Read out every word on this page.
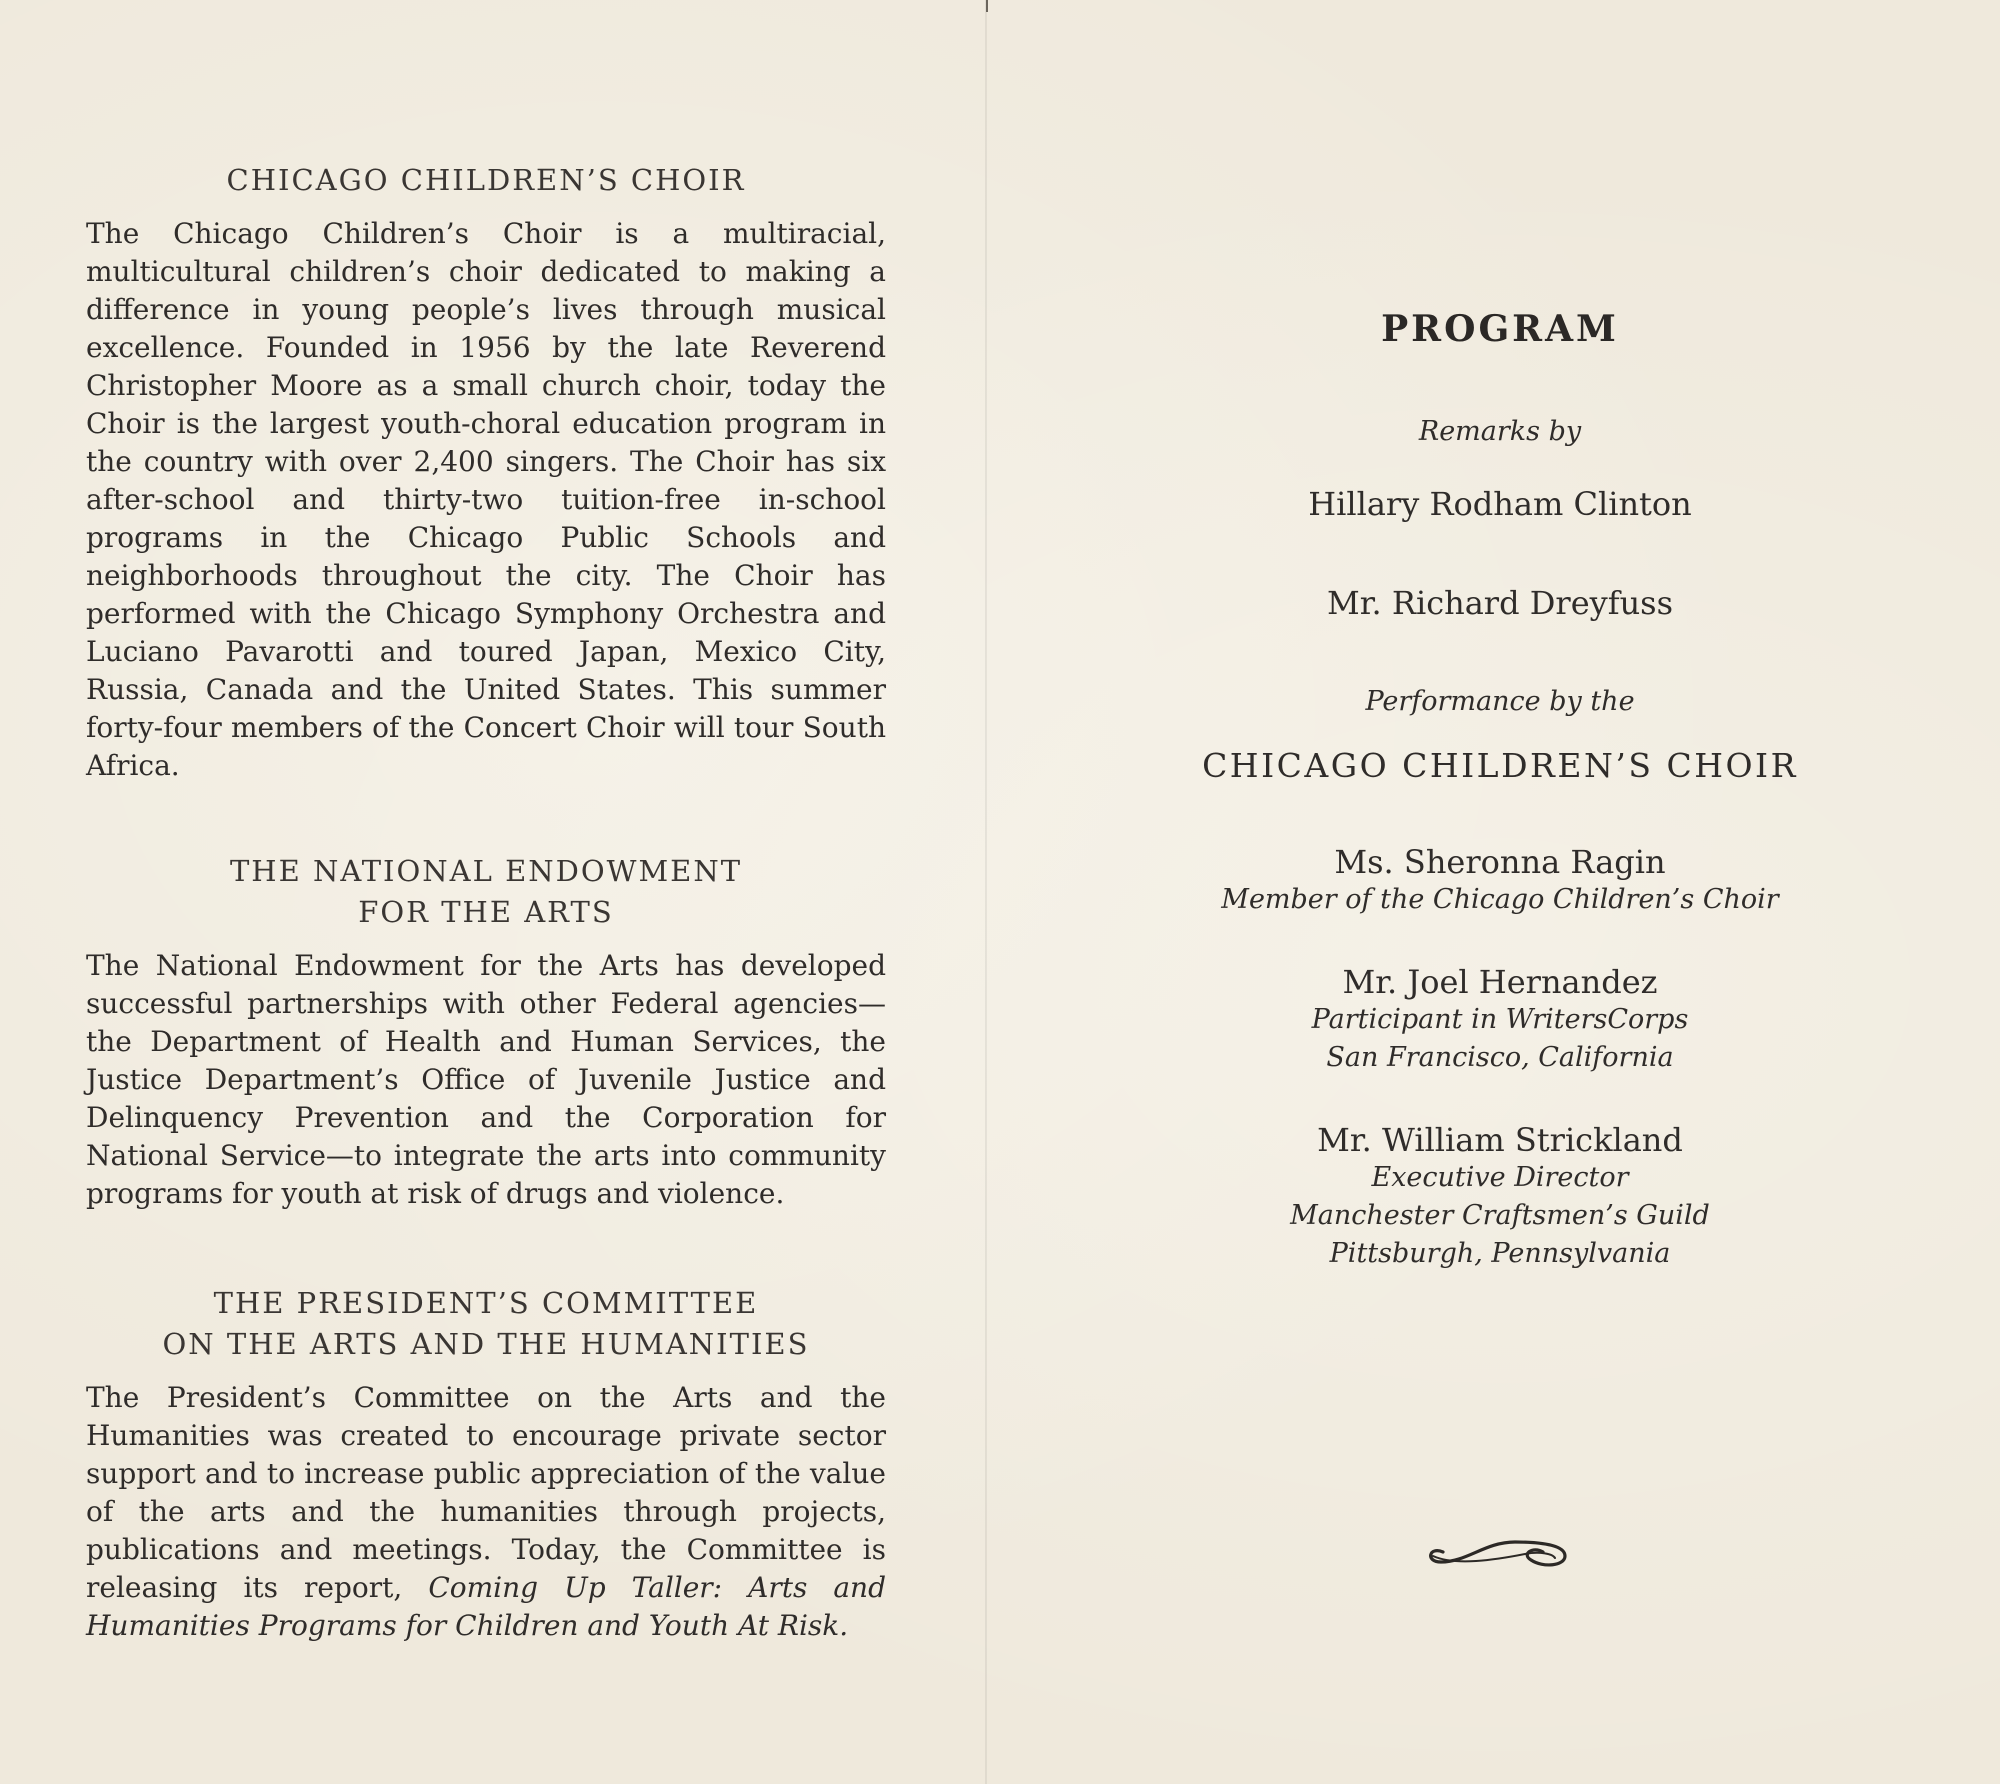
CHICAGO CHILDREN’S CHOIR

The Chicago Children’s Choir is a multiracial, multicultural children’s choir dedicated to making a difference in young people’s lives through musical excellence. Founded in 1956 by the late Reverend Christopher Moore as a small church choir, today the Choir is the largest youth-choral education program in the country with over 2,400 singers. The Choir has six after-school and thirty-two tuition-free in-school programs in the Chicago Public Schools and neighborhoods throughout the city. The Choir has performed with the Chicago Symphony Orchestra and Luciano Pavarotti and toured Japan, Mexico City, Russia, Canada and the United States. This summer forty-four members of the Concert Choir will tour South Africa.

THE NATIONAL ENDOWMENT
FOR THE ARTS

The National Endowment for the Arts has developed successful partnerships with other Federal agencies—the Department of Health and Human Services, the Justice Department’s Office of Juvenile Justice and Delinquency Prevention and the Corporation for National Service—to integrate the arts into community programs for youth at risk of drugs and violence.

THE PRESIDENT’S COMMITTEE
ON THE ARTS AND THE HUMANITIES

The President’s Committee on the Arts and the Humanities was created to encourage private sector support and to increase public appreciation of the value of the arts and the humanities through projects, publications and meetings. Today, the Committee is releasing its report, Coming Up Taller: Arts and Humanities Programs for Children and Youth At Risk.

PROGRAM

Remarks by

Hillary Rodham Clinton

Mr. Richard Dreyfuss

Performance by the

CHICAGO CHILDREN’S CHOIR

Ms. Sheronna Ragin
Member of the Chicago Children’s Choir
Mr. Joel Hernandez
Participant in WritersCorps
San Francisco, California
Mr. William Strickland
Executive Director
Manchester Craftsmen’s Guild
Pittsburgh, Pennsylvania
